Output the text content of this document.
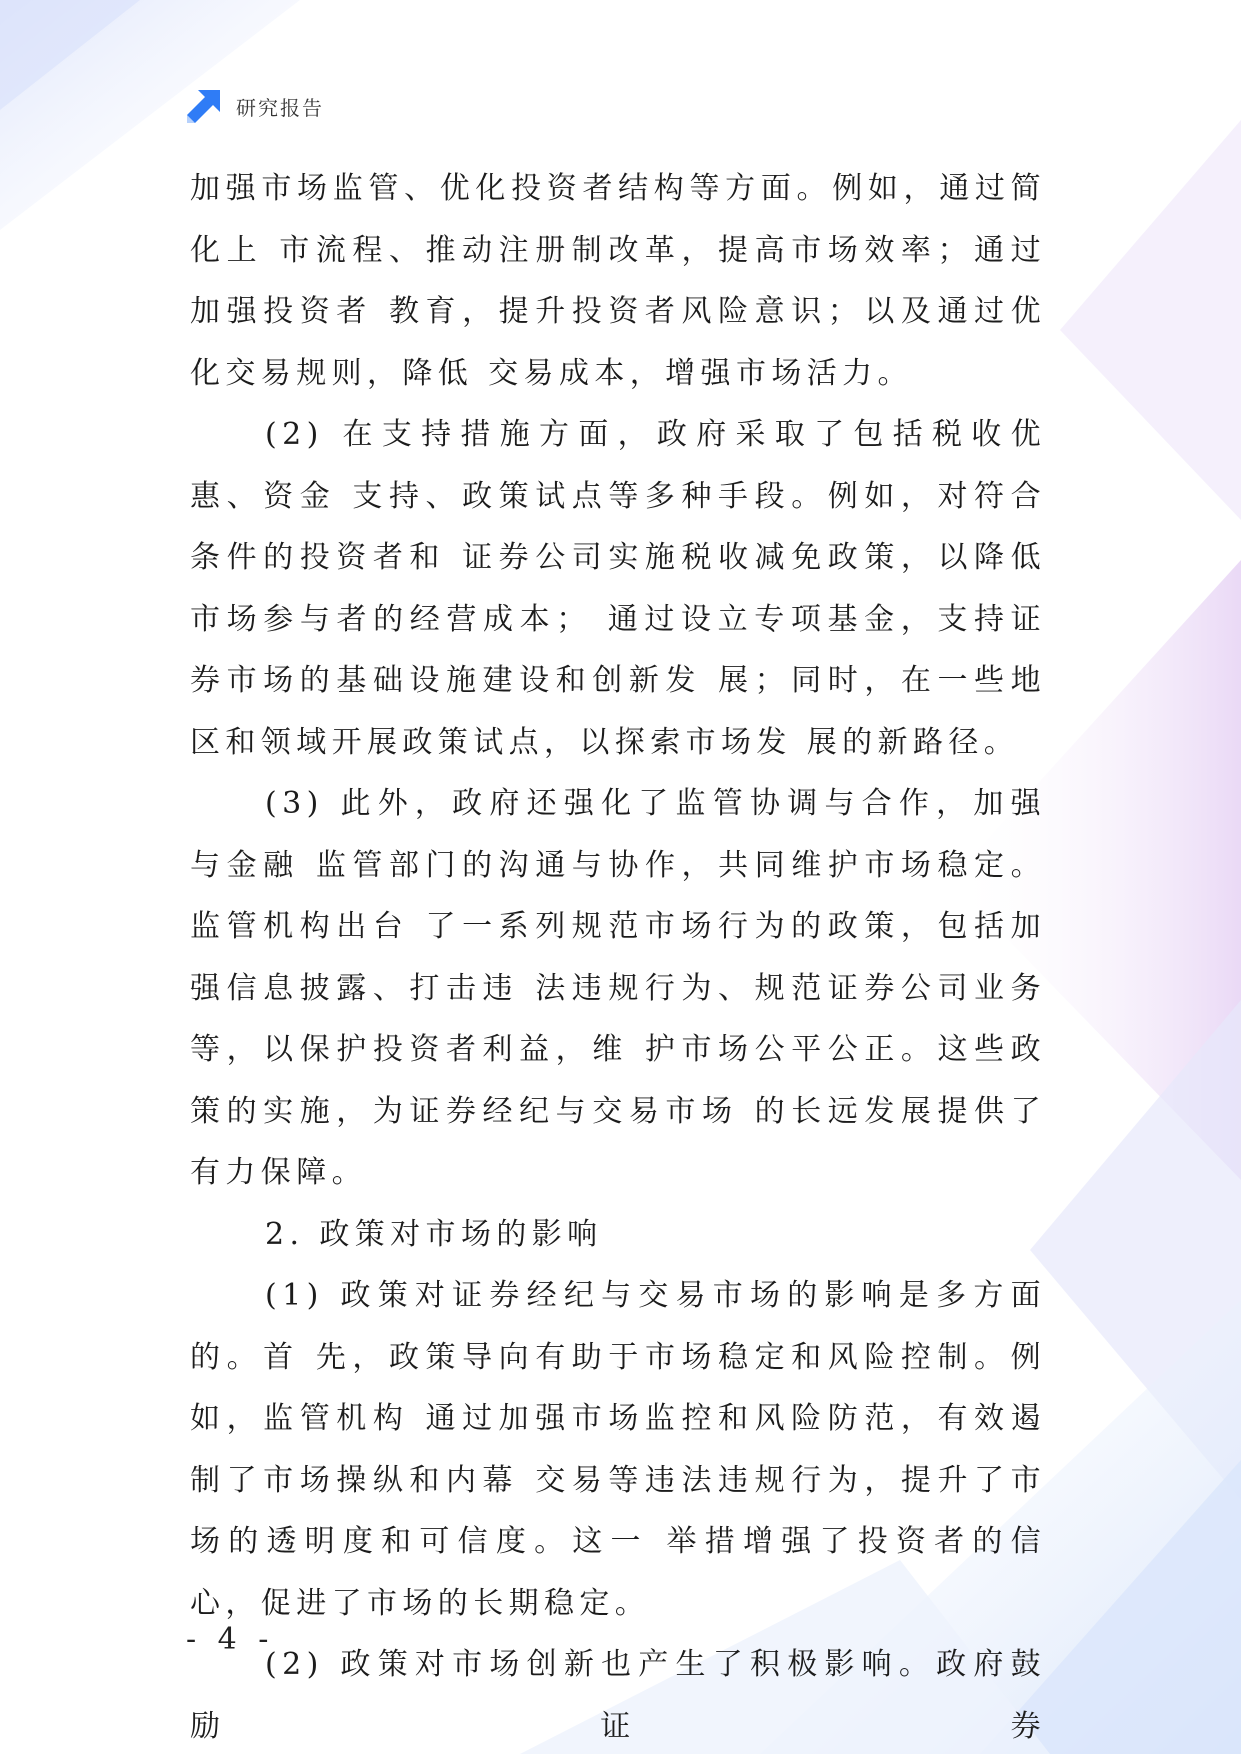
研究报告

加强市场监管、优化投资者结构等方面。例如，通过简化上 市流程、推动注册制改革，提高市场效率；通过加强投资者 教育，提升投资者风险意识；以及通过优化交易规则，降低 交易成本，增强市场活力。

(2) 在支持措施方面，政府采取了包括税收优惠、资金 支持、政策试点等多种手段。例如，对符合条件的投资者和 证券公司实施税收减免政策，以降低市场参与者的经营成本； 通过设立专项基金，支持证券市场的基础设施建设和创新发 展；同时，在一些地区和领域开展政策试点，以探索市场发 展的新路径。

(3) 此外，政府还强化了监管协调与合作，加强与金融 监管部门的沟通与协作，共同维护市场稳定。监管机构出台 了一系列规范市场行为的政策，包括加强信息披露、打击违 法违规行为、规范证券公司业务等，以保护投资者利益，维 护市场公平公正。这些政策的实施，为证券经纪与交易市场 的长远发展提供了有力保障。

2. 政策对市场的影响

(1) 政策对证券经纪与交易市场的影响是多方面的。首 先，政策导向有助于市场稳定和风险控制。例如，监管机构 通过加强市场监控和风险防范，有效遏制了市场操纵和内幕 交易等违法违规行为，提升了市场的透明度和可信度。这一 举措增强了投资者的信心，促进了市场的长期稳定。

(2) 政策对市场创新也产生了积极影响。政府鼓励证券

- 4 -
